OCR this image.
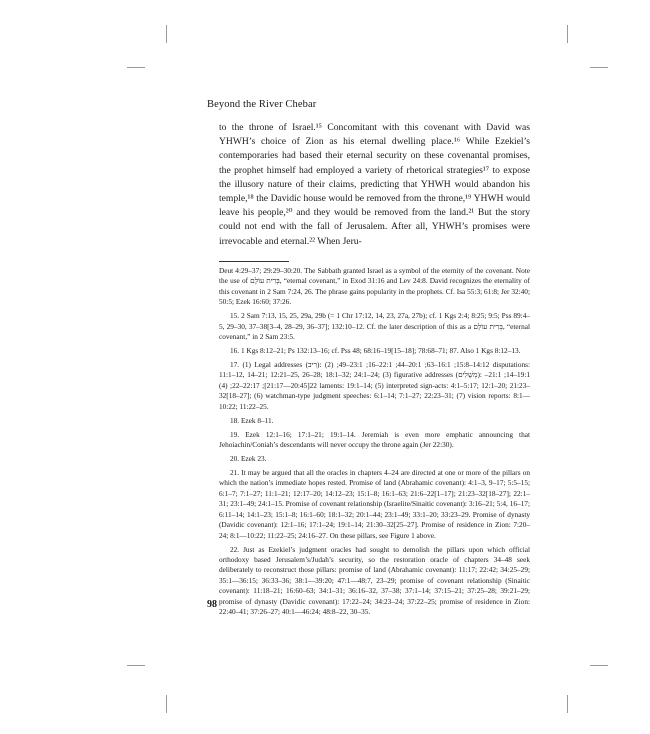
Beyond the River Chebar

to the throne of Israel.¹⁵ Concomitant with this covenant with David was YHWH’s choice of Zion as his eternal dwelling place.¹⁶ While Ezekiel’s contemporaries had based their eternal security on these covenantal promises, the prophet himself had employed a variety of rhetorical strategies¹⁷ to expose the illusory nature of their claims, predicting that YHWH would abandon his temple,¹⁸ the Davidic house would be removed from the throne,¹⁹ YHWH would leave his people,²⁰ and they would be removed from the land.²¹ But the story could not end with the fall of Jerusalem. After all, YHWH’s promises were irrevocable and eternal.²² When Jeru-

Deut 4:29–37; 29:29–30:20. The Sabbath granted Israel as a symbol of the eternity of the covenant. Note the use of בְּרִית עוֹלָם, “eternal covenant,” in Exod 31:16 and Lev 24:8. David recognizes the eternality of this covenant in 2 Sam 7:24, 26. The phrase gains popularity in the prophets. Cf. Isa 55:3; 61:8; Jer 32:40; 50:5; Ezek 16:60; 37:26.

15. 2 Sam 7:13, 15, 25, 29a, 29b (= 1 Chr 17:12, 14, 23, 27a, 27b); cf. 1 Kgs 2:4; 8:25; 9:5; Pss 89:4–5, 29–30, 37–38[3–4, 28–29, 36–37]; 132:10–12. Cf. the later description of this as a בְּרִית עוֹלָם, “eternal covenant,” in 2 Sam 23:5.

16. 1 Kgs 8:12–21; Ps 132:13–16; cf. Pss 48; 68:16–19[15–18]; 78:68–71; 87. Also 1 Kgs 8:12–13.

17. (1) Legal addresses (רִיב): 14:12–15:8; 16:1–63; 20:1–44; 22:1–16; 23:1–49; (2) disputations: 11:1–12, 14–21; 12:21–25, 26–28; 18:1–32; 24:1–24; (3) figurative addresses (מְשָׁלִים): 19:1–14; 21:1–22[20:45—21:17]; 22:17–22; (4) laments: 19:1–14; (5) interpreted sign-acts: 4:1–5:17; 12:1–20; 21:23–32[18–27]; (6) watchman-type judgment speeches: 6:1–14; 7:1–27; 22:23–31; (7) vision reports: 8:1—10:22; 11:22–25.

18. Ezek 8–11.

19. Ezek 12:1–16; 17:1–21; 19:1–14. Jeremiah is even more emphatic announcing that Jehoiachin/Coniah’s descendants will never occupy the throne again (Jer 22:30).

20. Ezek 23.

21. It may be argued that all the oracles in chapters 4–24 are directed at one or more of the pillars on which the nation’s immediate hopes rested. Promise of land (Abrahamic covenant): 4:1–3, 9–17; 5:5–15; 6:1–7; 7:1–27; 11:1–21; 12:17–20; 14:12–23; 15:1–8; 16:1–63; 21:6–22[1–17]; 21:23–32[18–27]; 22:1–31; 23:1–49; 24:1–15. Promise of covenant relationship (Israelite/Sinaitic covenant): 3:16–21; 5:4, 16–17; 6:11–14; 14:1–23; 15:1–8; 16:1–60; 18:1–32; 20:1–44; 23:1–49; 33:1–20; 33:23–29. Promise of dynasty (Davidic covenant): 12:1–16; 17:1–24; 19:1–14; 21:30–32[25–27]. Promise of residence in Zion: 7:20–24; 8:1—10:22; 11:22–25; 24:16–27. On these pillars, see Figure 1 above.

22. Just as Ezekiel’s judgment oracles had sought to demolish the pillars upon which official orthodoxy based Jerusalem’s/Judah’s security, so the restoration oracle of chapters 34–48 seek deliberately to reconstruct those pillars: promise of land (Abrahamic covenant): 11:17; 22:42; 34:25–29; 35:1—36:15; 36:33–36; 38:1—39:20; 47:1—48:7, 23–29; promise of covenant relationship (Sinaitic covenant): 11:18–21; 16:60–63; 34:1–31; 36:16–32, 37–38; 37:1–14; 37:15–21; 37:25–28; 39:21–29; promise of dynasty (Davidic covenant): 17:22–24; 34:23–24; 37:22–25; promise of residence in Zion: 22:40–41; 37:26–27; 40:1—46:24; 48:8–22, 30–35.

98
